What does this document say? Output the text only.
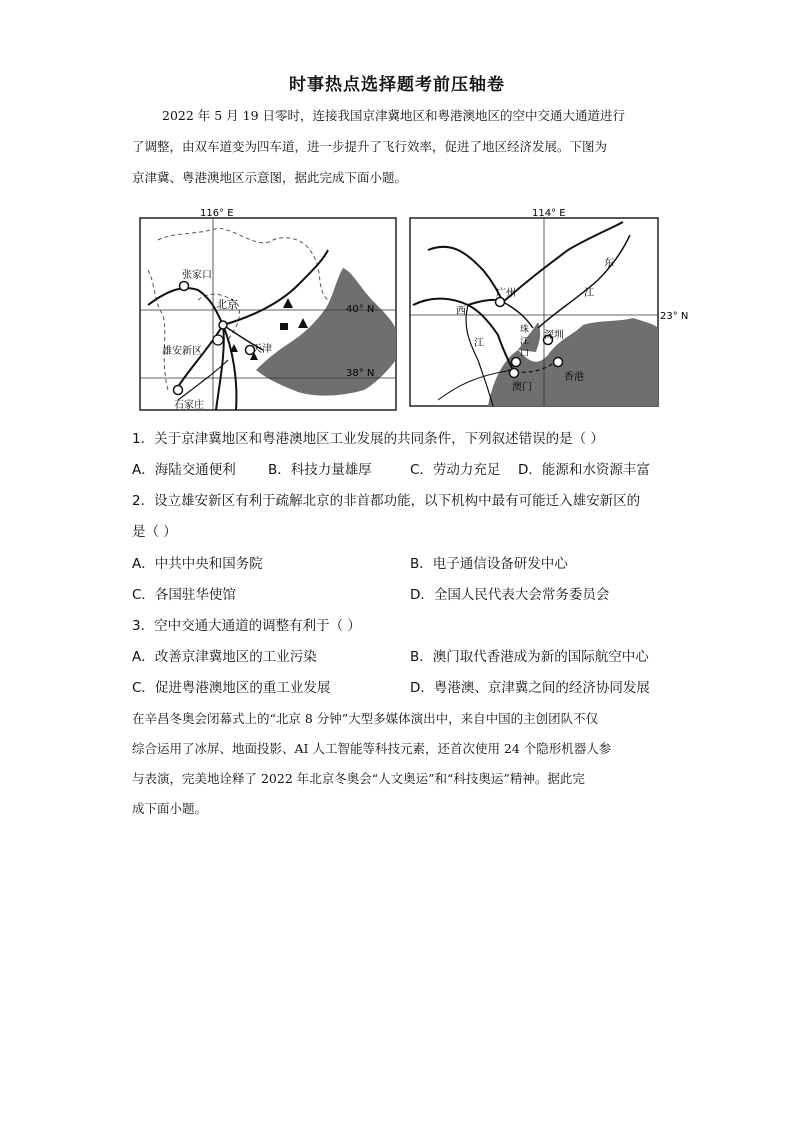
时事热点选择题考前压轴卷

2022 年 5 月 19 日零时，连接我国京津冀地区和粤港澳地区的空中交通大通道进行

了调整，由双车道变为四车道，进一步提升了飞行效率，促进了地区经济发展。下图为

京津冀、粤港澳地区示意图，据此完成下面小题。

116° E
40° N
38° N
张家口
北京
雄安新区	天津
石家庄
114° E
23° N
广州
深圳
澳门
香港
西
江
东
江
珠
江
口
1．关于京津冀地区和粤港澳地区工业发展的共同条件，下列叙述错误的是（ ）
A．海陆交通便利 B．科技力量雄厚	C．劳动力充足 D．能源和水资源丰富
2．设立雄安新区有利于疏解北京的非首都功能，以下机构中最有可能迁入雄安新区的
是（ ）
A．中共中央和国务院	B．电子通信设备研发中心
C．各国驻华使馆	D．全国人民代表大会常务委员会
3．空中交通大通道的调整有利于（ ）
A．改善京津冀地区的工业污染	B．澳门取代香港成为新的国际航空中心
C．促进粤港澳地区的重工业发展	D．粤港澳、京津冀之间的经济协同发展

在辛昌冬奥会闭幕式上的“北京 8 分钟”大型多媒体演出中，来自中国的主创团队不仅

综合运用了冰屏、地面投影、AI 人工智能等科技元素，还首次使用 24 个隐形机器人参

与表演，完美地诠释了 2022 年北京冬奥会“人文奥运”和“科技奥运”精神。据此完

成下面小题。
